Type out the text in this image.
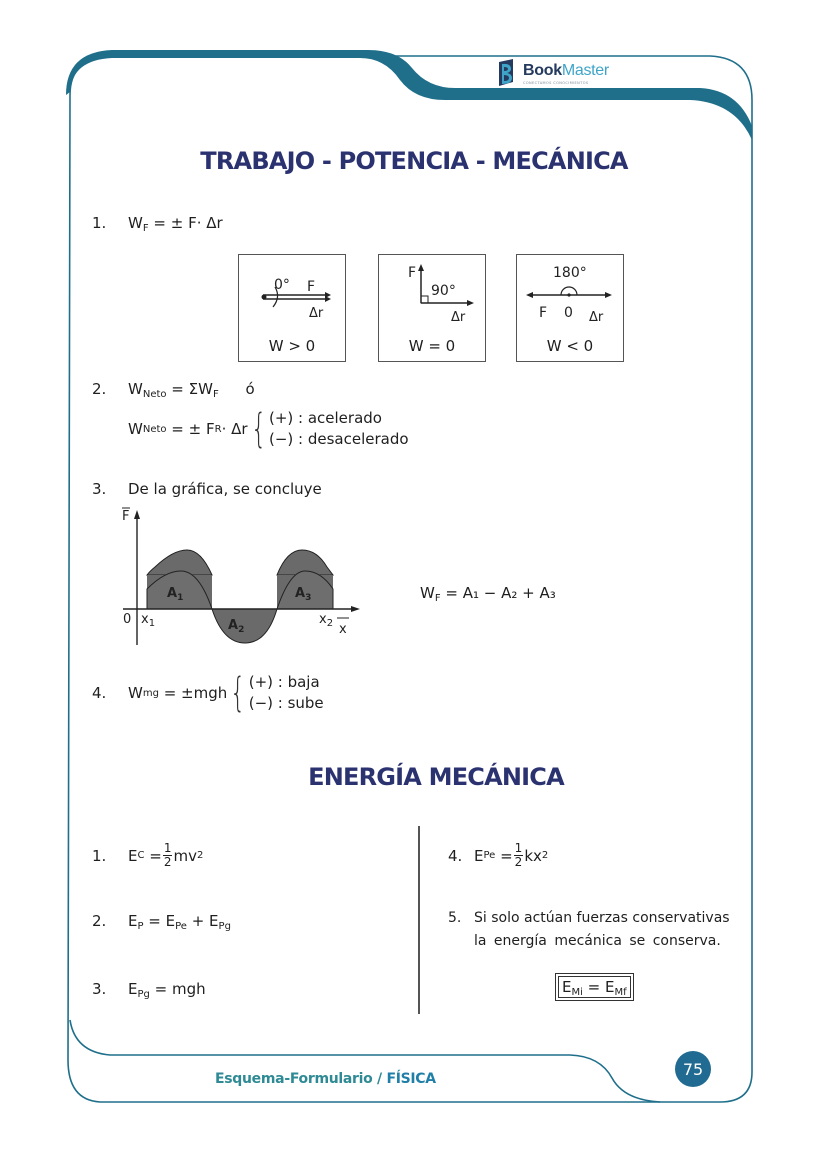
BookMaster
CONECTAMOS CONOCIMIENTOS
TRABAJO - POTENCIA - MECÁNICA
1. $W_F$ = ± F· Δr
0° F
Δr
W > 0
F
90°
Δr
W = 0
180°
F 0 Δr
W < 0
2. $W_{Neto} = \Sigma W_F$ ó
W Neto
= ± F R · Δr { (+) : acelerado
(−) : desacelerado
3. De la gráfica, se concluye
F
0 $x_1$	$x_2$ x
$A_1$
$A_2$
$A_3$	$W_F = A_1 - A_2 + A_3$
4.	W mg
= ±mgh { (+) : baja
(−) : sube
ENERGÍA MECÁNICA
1.	E C
= $\frac{1}{2}$ mv 2
2. $E_P = E_{Pe} + E_{Pg}$
3. $E_{Pg}$ = mgh
4. E Pe
= $\frac{1}{2}$ kx 2
5. Si solo actúan fuerzas conservativas
la energía mecánica se conserva.
$E_{Mi} = E_{Mf}$
Esquema-Formulario / FÍSICA
75
